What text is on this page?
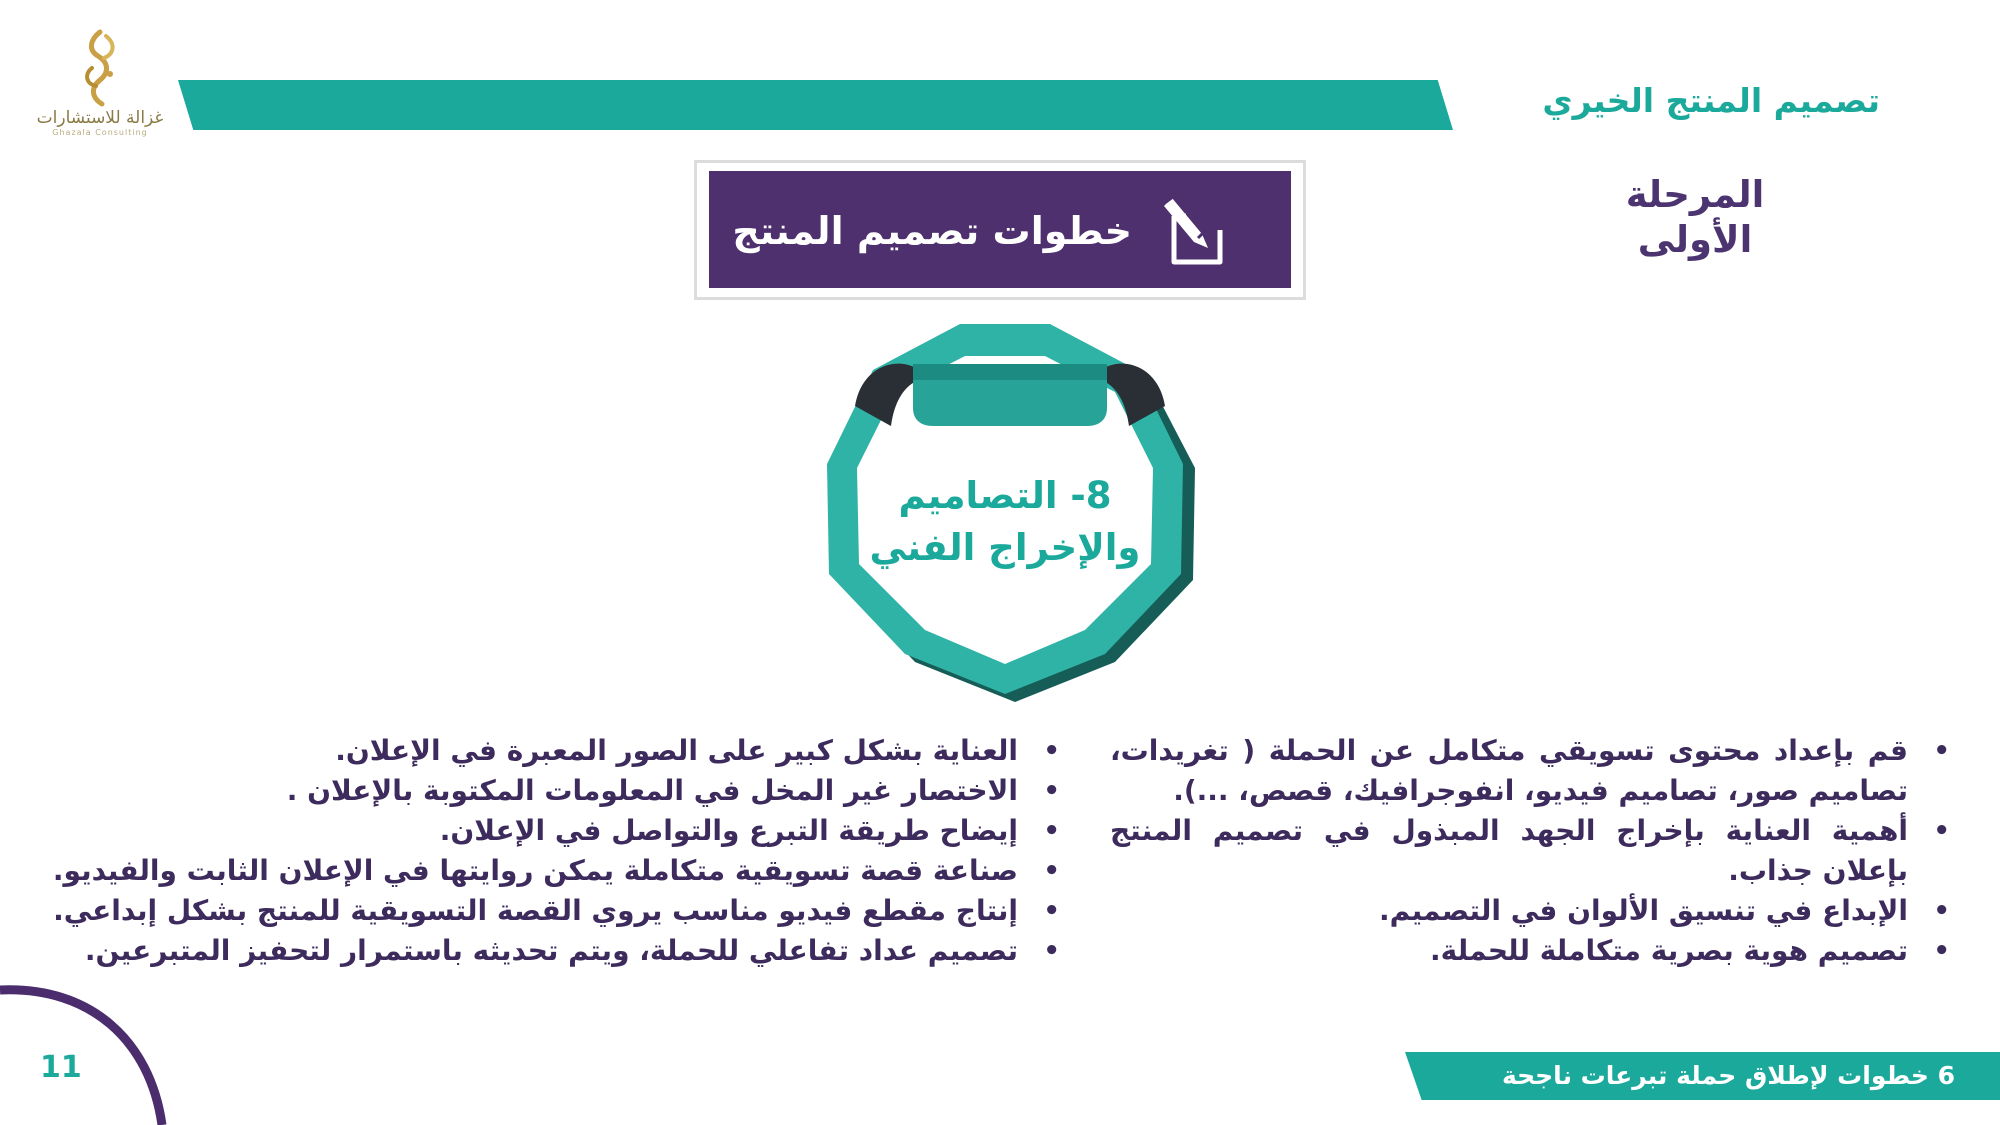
غزالة للاستشارات
Ghazala Consulting
تصميم المنتج الخيري
المرحلة
الأولى
خطوات تصميم المنتج
8- التصاميم
والإخراج الفني
• قم بإعداد محتوى تسويقي متكامل عن الحملة ( تغريدات، تصاميم صور، تصاميم فيديو، انفوجرافيك، قصص، ...).
• أهمية العناية بإخراج الجهد المبذول في تصميم المنتج بإعلان جذاب.
• الإبداع في تنسيق الألوان في التصميم.
• تصميم هوية بصرية متكاملة للحملة.
• العناية بشكل كبير على الصور المعبرة في الإعلان.
• الاختصار غير المخل في المعلومات المكتوبة بالإعلان .
• إيضاح طريقة التبرع والتواصل في الإعلان.
• صناعة قصة تسويقية متكاملة يمكن روايتها في الإعلان الثابت والفيديو.
• إنتاج مقطع فيديو مناسب يروي القصة التسويقية للمنتج بشكل إبداعي.
• تصميم عداد تفاعلي للحملة، ويتم تحديثه باستمرار لتحفيز المتبرعين.
6 خطوات لإطلاق حملة تبرعات ناجحة
11
